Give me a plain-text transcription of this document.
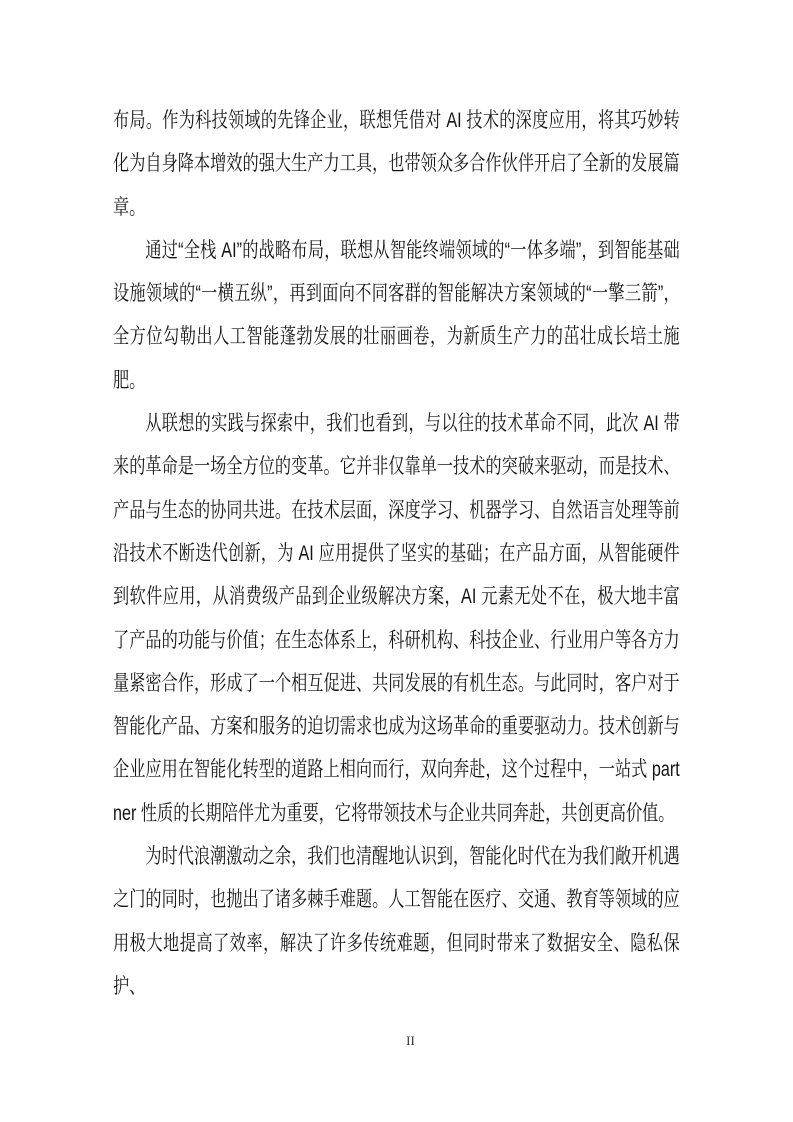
布局。作为科技领域的先锋企业，联想凭借对 AI 技术的深度应用，将其巧妙转化为自身降本增效的强大生产力工具，也带领众多合作伙伴开启了全新的发展篇章。

通过“全栈 AI”的战略布局，联想从智能终端领域的“一体多端”，到智能基础设施领域的“一横五纵”，再到面向不同客群的智能解决方案领域的“一擎三箭”，全方位勾勒出人工智能蓬勃发展的壮丽画卷，为新质生产力的茁壮成长培土施肥。

从联想的实践与探索中，我们也看到，与以往的技术革命不同，此次 AI 带来的革命是一场全方位的变革。它并非仅靠单一技术的突破来驱动，而是技术、产品与生态的协同共进。在技术层面，深度学习、机器学习、自然语言处理等前沿技术不断迭代创新，为 AI 应用提供了坚实的基础；在产品方面，从智能硬件到软件应用，从消费级产品到企业级解决方案，AI 元素无处不在，极大地丰富了产品的功能与价值；在生态体系上，科研机构、科技企业、行业用户等各方力量紧密合作，形成了一个相互促进、共同发展的有机生态。与此同时，客户对于智能化产品、方案和服务的迫切需求也成为这场革命的重要驱动力。技术创新与企业应用在智能化转型的道路上相向而行，双向奔赴，这个过程中，一站式 partner 性质的长期陪伴尤为重要，它将带领技术与企业共同奔赴，共创更高价值。

为时代浪潮激动之余，我们也清醒地认识到，智能化时代在为我们敞开机遇之门的同时，也抛出了诸多棘手难题。人工智能在医疗、交通、教育等领域的应用极大地提高了效率，解决了许多传统难题，但同时带来了数据安全、隐私保护、

II
